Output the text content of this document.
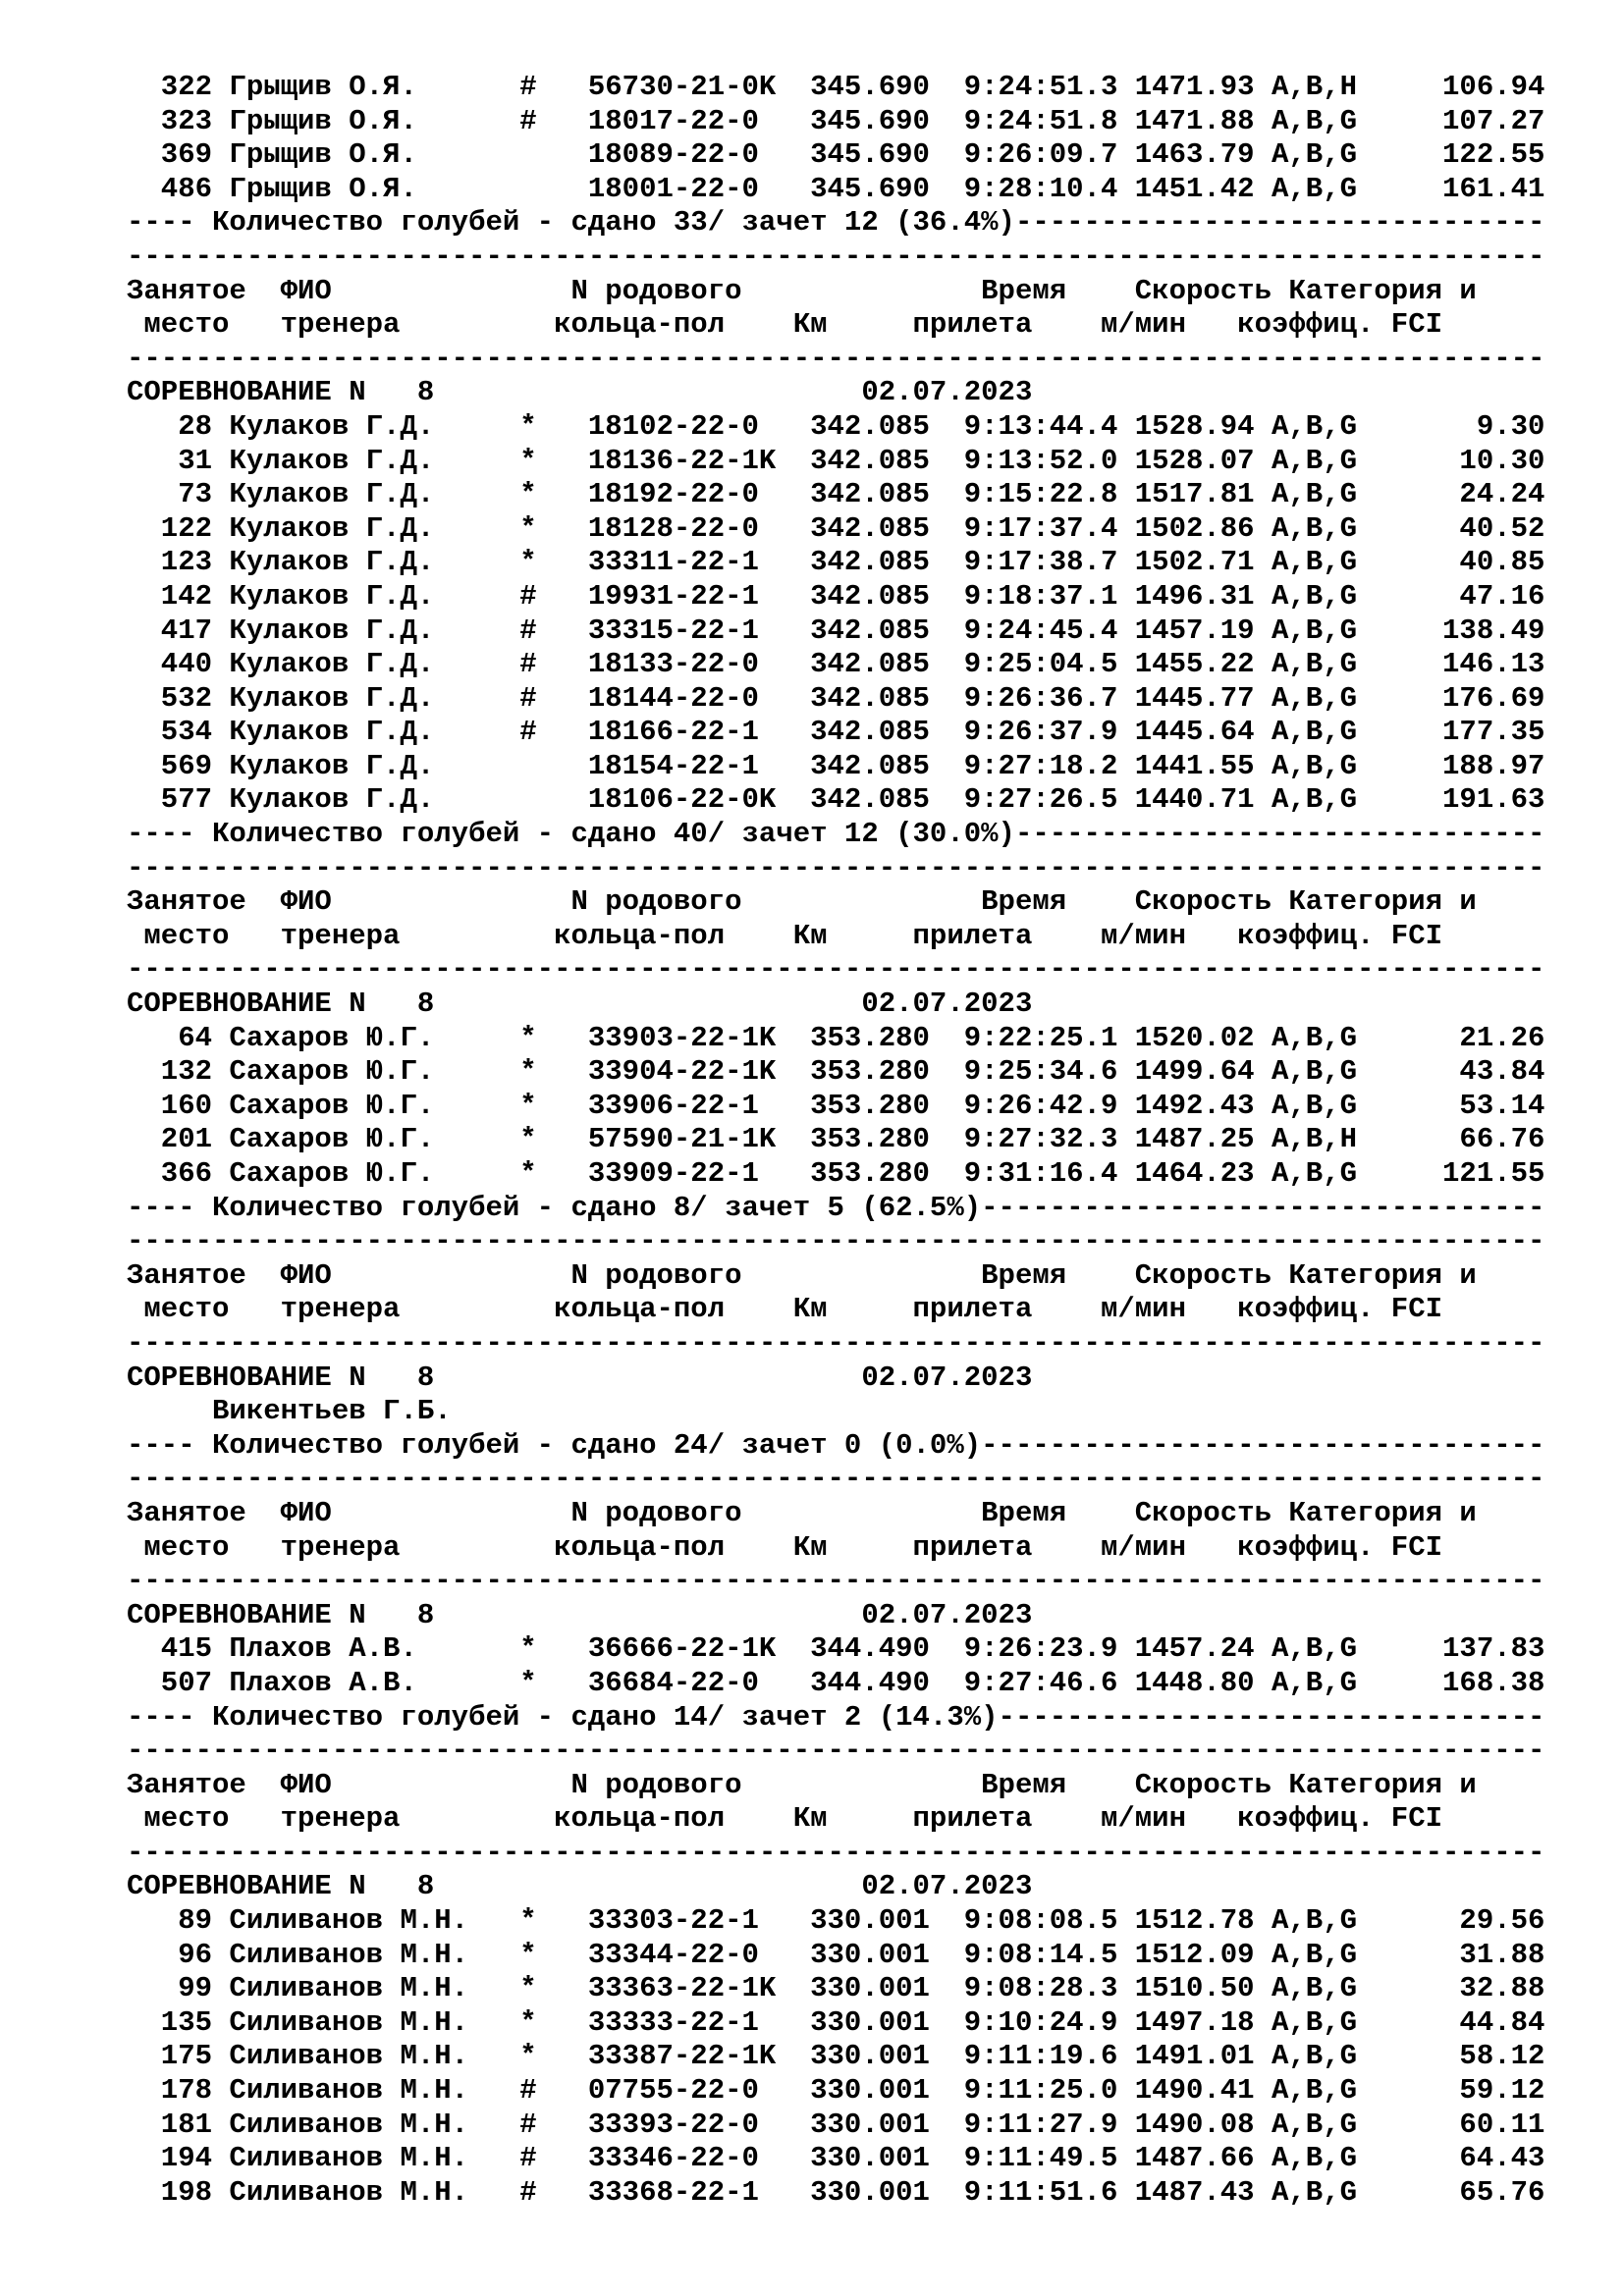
322 Грыщив О.Я.      #   56730-21-0K  345.690  9:24:51.3 1471.93 A,B,H     106.94
323 Грыщив О.Я.      #   18017-22-0   345.690  9:24:51.8 1471.88 A,B,G     107.27
369 Грыщив О.Я.          18089-22-0   345.690  9:26:09.7 1463.79 A,B,G     122.55
486 Грыщив О.Я.          18001-22-0   345.690  9:28:10.4 1451.42 A,B,G     161.41
---- Количество голубей - сдано 33/ зачет 12 (36.4%)-------------------------------
-----------------------------------------------------------------------------------
Занятое  ФИО              N родового              Время    Скорость Категория и
место   тренера         кольца-пол    Км     прилета    м/мин   коэффиц. FCI
-----------------------------------------------------------------------------------
СОРЕВНОВАНИЕ N   8                         02.07.2023
28 Кулаков Г.Д.     *   18102-22-0   342.085  9:13:44.4 1528.94 A,B,G       9.30
31 Кулаков Г.Д.     *   18136-22-1K  342.085  9:13:52.0 1528.07 A,B,G      10.30
73 Кулаков Г.Д.     *   18192-22-0   342.085  9:15:22.8 1517.81 A,B,G      24.24
122 Кулаков Г.Д.     *   18128-22-0   342.085  9:17:37.4 1502.86 A,B,G      40.52
123 Кулаков Г.Д.     *   33311-22-1   342.085  9:17:38.7 1502.71 A,B,G      40.85
142 Кулаков Г.Д.     #   19931-22-1   342.085  9:18:37.1 1496.31 A,B,G      47.16
417 Кулаков Г.Д.     #   33315-22-1   342.085  9:24:45.4 1457.19 A,B,G     138.49
440 Кулаков Г.Д.     #   18133-22-0   342.085  9:25:04.5 1455.22 A,B,G     146.13
532 Кулаков Г.Д.     #   18144-22-0   342.085  9:26:36.7 1445.77 A,B,G     176.69
534 Кулаков Г.Д.     #   18166-22-1   342.085  9:26:37.9 1445.64 A,B,G     177.35
569 Кулаков Г.Д.         18154-22-1   342.085  9:27:18.2 1441.55 A,B,G     188.97
577 Кулаков Г.Д.         18106-22-0K  342.085  9:27:26.5 1440.71 A,B,G     191.63
---- Количество голубей - сдано 40/ зачет 12 (30.0%)-------------------------------
-----------------------------------------------------------------------------------
Занятое  ФИО              N родового              Время    Скорость Категория и
место   тренера         кольца-пол    Км     прилета    м/мин   коэффиц. FCI
-----------------------------------------------------------------------------------
СОРЕВНОВАНИЕ N   8                         02.07.2023
64 Сахаров Ю.Г.     *   33903-22-1K  353.280  9:22:25.1 1520.02 A,B,G      21.26
132 Сахаров Ю.Г.     *   33904-22-1K  353.280  9:25:34.6 1499.64 A,B,G      43.84
160 Сахаров Ю.Г.     *   33906-22-1   353.280  9:26:42.9 1492.43 A,B,G      53.14
201 Сахаров Ю.Г.     *   57590-21-1K  353.280  9:27:32.3 1487.25 A,B,H      66.76
366 Сахаров Ю.Г.     *   33909-22-1   353.280  9:31:16.4 1464.23 A,B,G     121.55
---- Количество голубей - сдано 8/ зачет 5 (62.5%)---------------------------------
-----------------------------------------------------------------------------------
Занятое  ФИО              N родового              Время    Скорость Категория и
место   тренера         кольца-пол    Км     прилета    м/мин   коэффиц. FCI
-----------------------------------------------------------------------------------
СОРЕВНОВАНИЕ N   8                         02.07.2023
Викентьев Г.Б.
---- Количество голубей - сдано 24/ зачет 0 (0.0%)---------------------------------
-----------------------------------------------------------------------------------
Занятое  ФИО              N родового              Время    Скорость Категория и
место   тренера         кольца-пол    Км     прилета    м/мин   коэффиц. FCI
-----------------------------------------------------------------------------------
СОРЕВНОВАНИЕ N   8                         02.07.2023
415 Плахов А.В.      *   36666-22-1K  344.490  9:26:23.9 1457.24 A,B,G     137.83
507 Плахов А.В.      *   36684-22-0   344.490  9:27:46.6 1448.80 A,B,G     168.38
---- Количество голубей - сдано 14/ зачет 2 (14.3%)--------------------------------
-----------------------------------------------------------------------------------
Занятое  ФИО              N родового              Время    Скорость Категория и
место   тренера         кольца-пол    Км     прилета    м/мин   коэффиц. FCI
-----------------------------------------------------------------------------------
СОРЕВНОВАНИЕ N   8                         02.07.2023
89 Силиванов М.Н.   *   33303-22-1   330.001  9:08:08.5 1512.78 A,B,G      29.56
96 Силиванов М.Н.   *   33344-22-0   330.001  9:08:14.5 1512.09 A,B,G      31.88
99 Силиванов М.Н.   *   33363-22-1K  330.001  9:08:28.3 1510.50 A,B,G      32.88
135 Силиванов М.Н.   *   33333-22-1   330.001  9:10:24.9 1497.18 A,B,G      44.84
175 Силиванов М.Н.   *   33387-22-1K  330.001  9:11:19.6 1491.01 A,B,G      58.12
178 Силиванов М.Н.   #   07755-22-0   330.001  9:11:25.0 1490.41 A,B,G      59.12
181 Силиванов М.Н.   #   33393-22-0   330.001  9:11:27.9 1490.08 A,B,G      60.11
194 Силиванов М.Н.   #   33346-22-0   330.001  9:11:49.5 1487.66 A,B,G      64.43
198 Силиванов М.Н.   #   33368-22-1   330.001  9:11:51.6 1487.43 A,B,G      65.76
